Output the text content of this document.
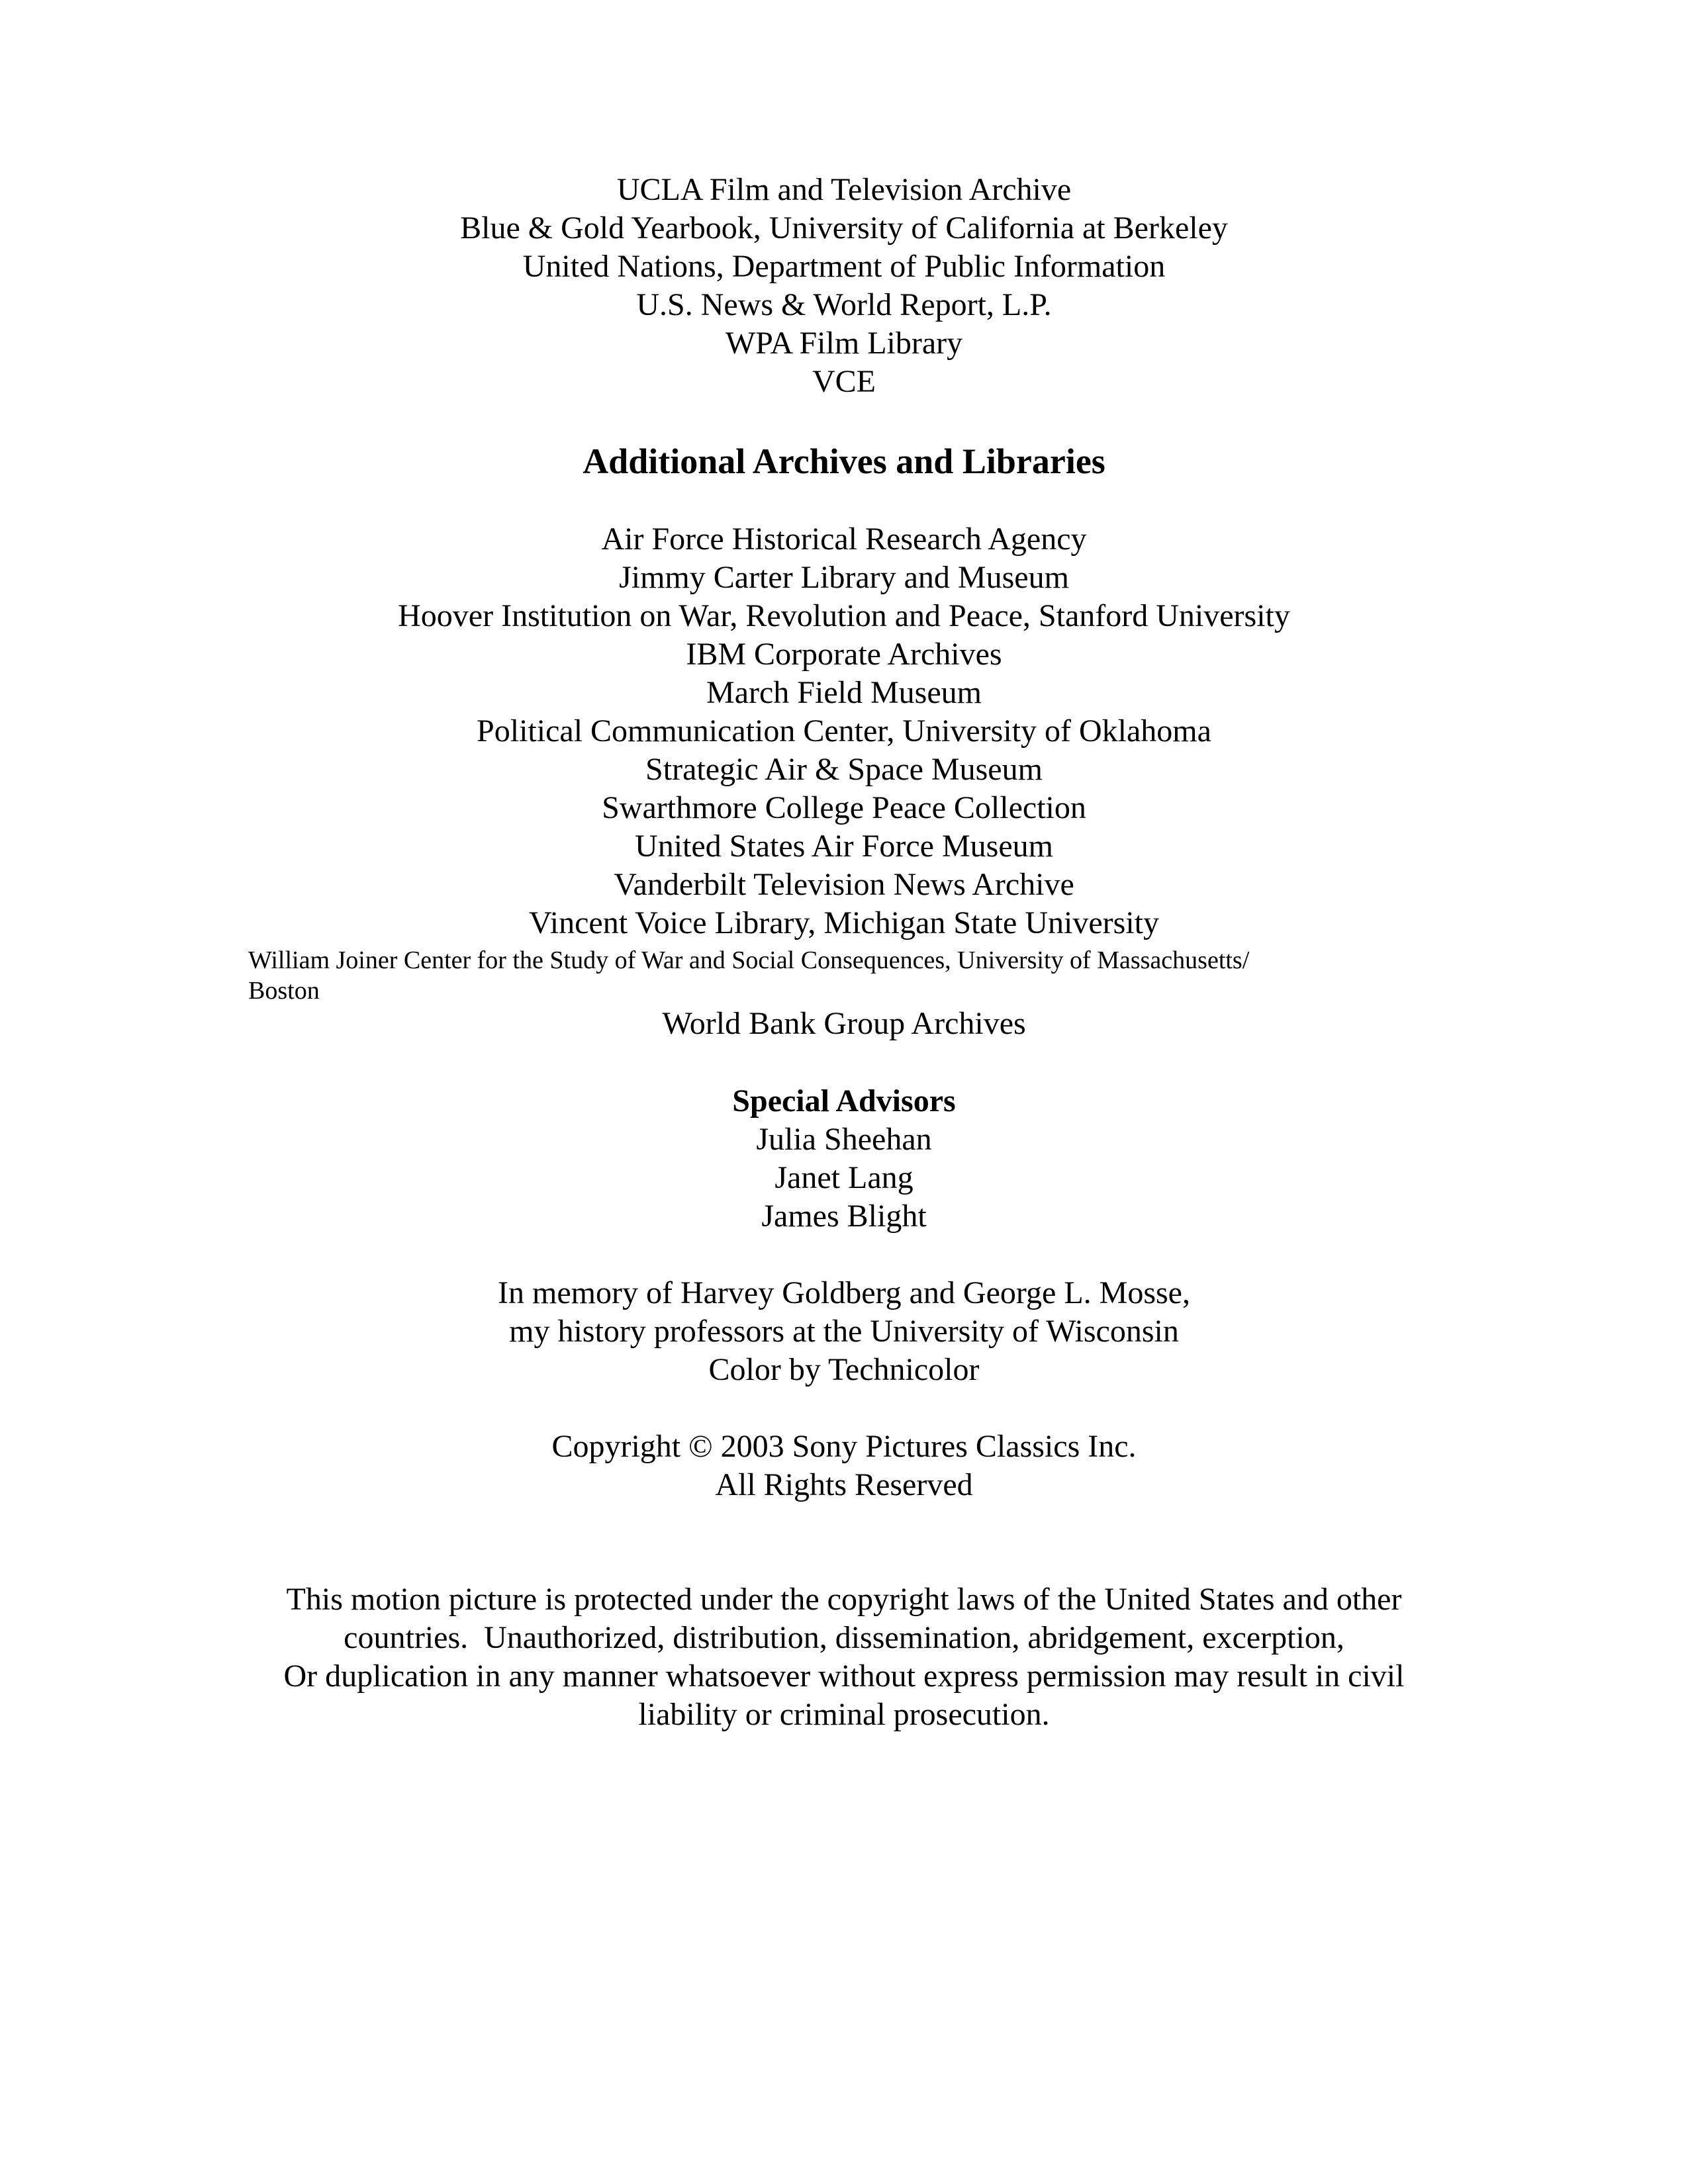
UCLA Film and Television Archive

Blue & Gold Yearbook, University of California at Berkeley

United Nations, Department of Public Information

U.S. News & World Report, L.P.

WPA Film Library

VCE

Additional Archives and Libraries

Air Force Historical Research Agency

Jimmy Carter Library and Museum

Hoover Institution on War, Revolution and Peace, Stanford University

IBM Corporate Archives

March Field Museum

Political Communication Center, University of Oklahoma

Strategic Air & Space Museum

Swarthmore College Peace Collection

United States Air Force Museum

Vanderbilt Television News Archive

Vincent Voice Library, Michigan State University

William Joiner Center for the Study of War and Social Consequences, University of Massachusetts/

Boston

World Bank Group Archives

Special Advisors

Julia Sheehan

Janet Lang

James Blight

In memory of Harvey Goldberg and George L. Mosse,

my history professors at the University of Wisconsin

Color by Technicolor

Copyright © 2003 Sony Pictures Classics Inc.

All Rights Reserved

This motion picture is protected under the copyright laws of the United States and other

countries.  Unauthorized, distribution, dissemination, abridgement, excerption,

Or duplication in any manner whatsoever without express permission may result in civil

liability or criminal prosecution.
